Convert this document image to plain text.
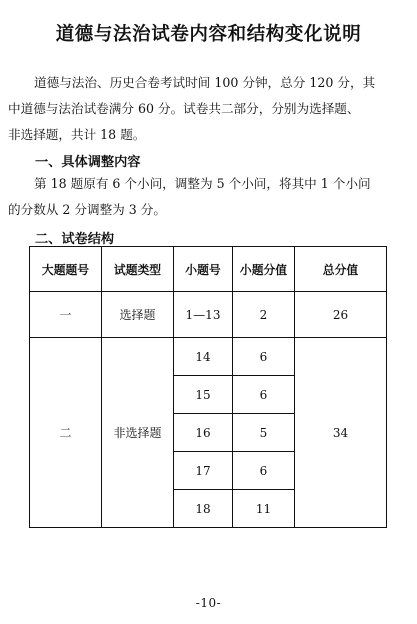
道德与法治试卷内容和结构变化说明

道德与法治、历史合卷考试时间 100 分钟，总分 120 分，其
中道德与法治试卷满分 60 分。试卷共二部分，分别为选择题、
非选择题，共计 18 题。

一、具体调整内容

第 18 题原有 6 个小问，调整为 5 个小问，将其中 1 个小问
的分数从 2 分调整为 3 分。

二、试卷结构
大题题号	试题类型	小题号	小题分值	总分值
一	选择题	1—13	2	26
二	非选择题	14	6	34
		15	6	
		16	5	
		17	6	
		18	11	
-10-
